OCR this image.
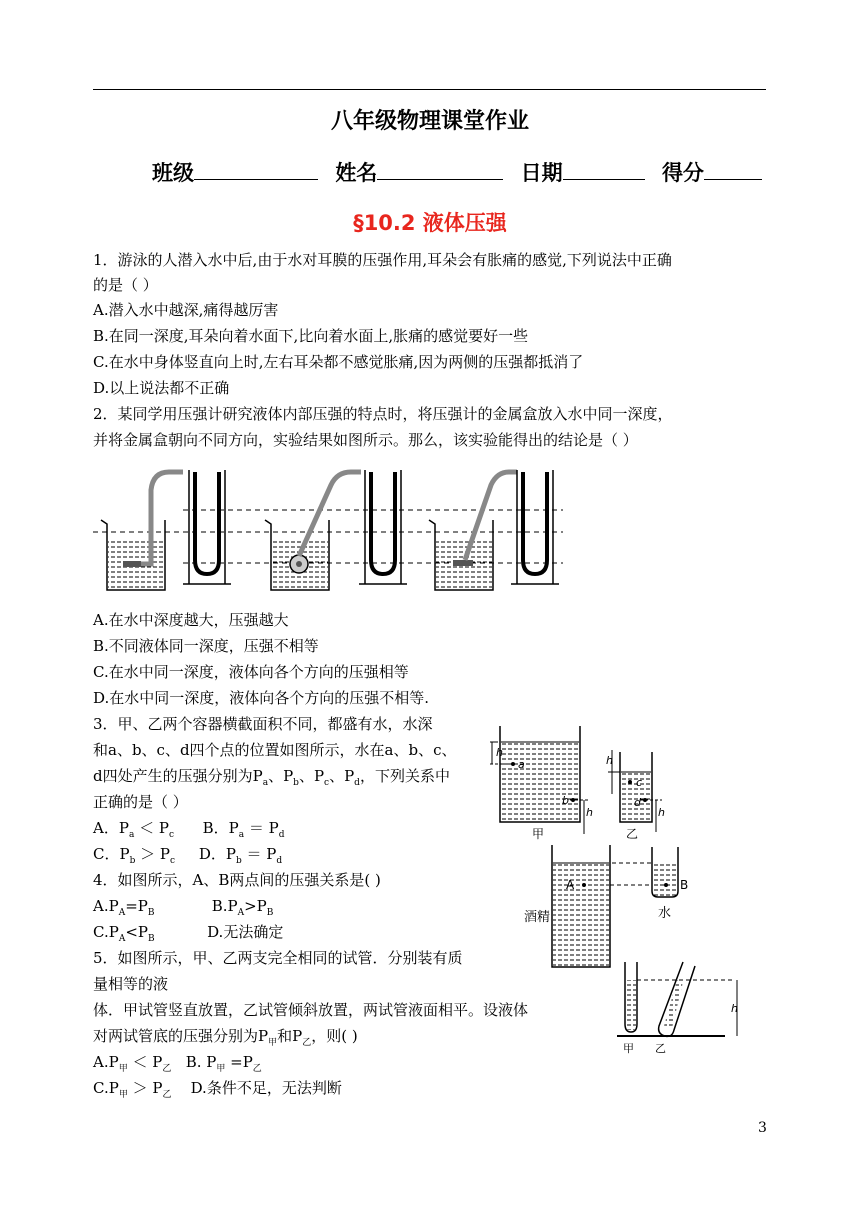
八年级物理课堂作业
班级	姓名	日期	得分
§10.2 液体压强
1．游泳的人潜入水中后,由于水对耳膜的压强作用,耳朵会有胀痛的感觉,下列说法中正确
的是（ ）
A.潜入水中越深,痛得越厉害
B.在同一深度,耳朵向着水面下,比向着水面上,胀痛的感觉要好一些
C.在水中身体竖直向上时,左右耳朵都不感觉胀痛,因为两侧的压强都抵消了
D.以上说法都不正确
2．某同学用压强计研究液体内部压强的特点时，将压强计的金属盒放入水中同一深度，
并将金属盒朝向不同方向，实验结果如图所示。那么，该实验能得出的结论是（ ）
A.在水中深度越大，压强越大
B.不同液体同一深度，压强不相等
C.在水中同一深度，液体向各个方向的压强相等
D.在水中同一深度，液体向各个方向的压强不相等.
3．甲、乙两个容器横截面积不同，都盛有水，水深
和a、b、c、d四个点的位置如图所示，水在a、b、c、
d四处产生的压强分别为$P_a$、$P_b$、$P_c$、$P_d$，下列关系中
正确的是（ ）
A．$P_a < P_c$ B．$P_a = P_d$
C．$P_b > P_c$ D．$P_b = P_d$
h
a
b
h
h
c
d
h
甲	乙
4．如图所示，A、B两点间的压强关系是( )
$A.P_A=P_B$	$B.P_A>P_B$
$C.P_A<P_B$	D.无法确定
A	B
酒精	水
5．如图所示，甲、乙两支完全相同的试管．分别装有质
量相等的液
体．甲试管竖直放置，乙试管倾斜放置，两试管液面相平。设液体
对两试管底的压强分别为$P_甲$和$P_乙$，则( )
$A.P_甲 < P_乙$ B. $P_甲 =P_乙$
$C.P_甲 > P_乙$ D.条件不足，无法判断
h
甲 乙
3
